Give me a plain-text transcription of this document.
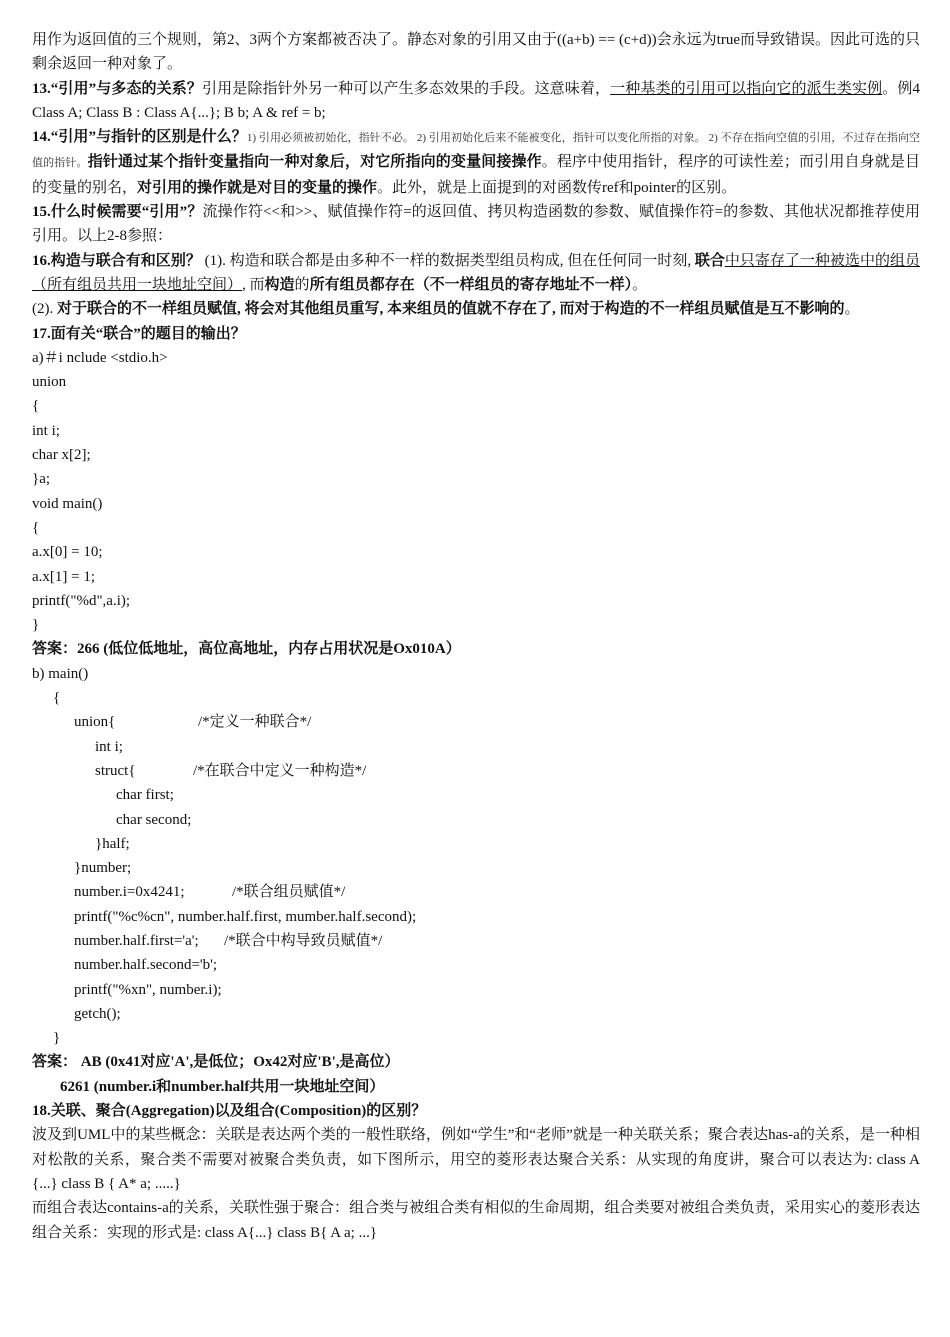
用作为返回值的三个规则，第2、3两个方案都被否决了。静态对象的引用又由于((a+b) == (c+d))会永远为true而导致错误。因此可选的只剩余返回一种对象了。
13.“引用”与多态的关系？引用是除指针外另一种可以产生多态效果的手段。这意味着，一种基类的引用可以指向它的派生类实例。例4 Class A; Class B : Class A{...}; B b; A & ref = b;
14.“引用”与指针的区别是什么？1) 引用必须被初始化，指针不必。 2) 引用初始化后来不能被变化，指针可以变化所指的对象。 2) 不存在指向空值的引用，不过存在指向空值的指针。指针通过某个指针变量指向一种对象后，对它所指向的变量间接操作。程序中使用指针，程序的可读性差；而引用自身就是目的变量的别名，对引用的操作就是对目的变量的操作。此外，就是上面提到的对函数传ref和pointer的区别。
15.什么时候需要“引用”？流操作符<<和>>、赋值操作符=的返回值、拷贝构造函数的参数、赋值操作符=的参数、其他状况都推荐使用引用。以上2-8参照：
16.构造与联合有和区别？ (1). 构造和联合都是由多种不一样的数据类型组员构成, 但在任何同一时刻, 联合中只寄存了一种被选中的组员（所有组员共用一块地址空间）, 而构造的所有组员都存在（不一样组员的寄存地址不一样）。
(2). 对于联合的不一样组员赋值, 将会对其他组员重写, 本来组员的值就不存在了, 而对于构造的不一样组员赋值是互不影响的。
17.面有关“联合”的题目的输出？
a)＃i nclude <stdio.h>
union
{
int i;
char x[2];
}a;
void main()
{
a.x[0] = 10;
a.x[1] = 1;
printf("%d",a.i);
}
答案：266 (低位低地址，高位高地址，内存占用状况是Ox010A）
b) main()
{
union{	/*定义一种联合*/
int i;
struct{	/*在联合中定义一种构造*/
char first;
char second;
}half;
}number;
number.i=0x4241;	/*联合组员赋值*/
printf("%c%cn", number.half.first, mumber.half.second);
number.half.first='a'; /*联合中构导致员赋值*/
number.half.second='b';
printf("%xn", number.i);
getch();
}
答案： AB (0x41对应'A',是低位；Ox42对应'B',是高位）
6261 (number.i和number.half共用一块地址空间）
18.关联、聚合(Aggregation)以及组合(Composition)的区别？
波及到UML中的某些概念：关联是表达两个类的一般性联络，例如“学生”和“老师”就是一种关联关系；聚合表达has-a的关系，是一种相对松散的关系，聚合类不需要对被聚合类负责，如下图所示，用空的菱形表达聚合关系：从实现的角度讲，聚合可以表达为: class A {...} class B { A* a; .....}
而组合表达contains-a的关系，关联性强于聚合：组合类与被组合类有相似的生命周期，组合类要对被组合类负责，采用实心的菱形表达组合关系：实现的形式是: class A{...} class B{ A a; ...}
